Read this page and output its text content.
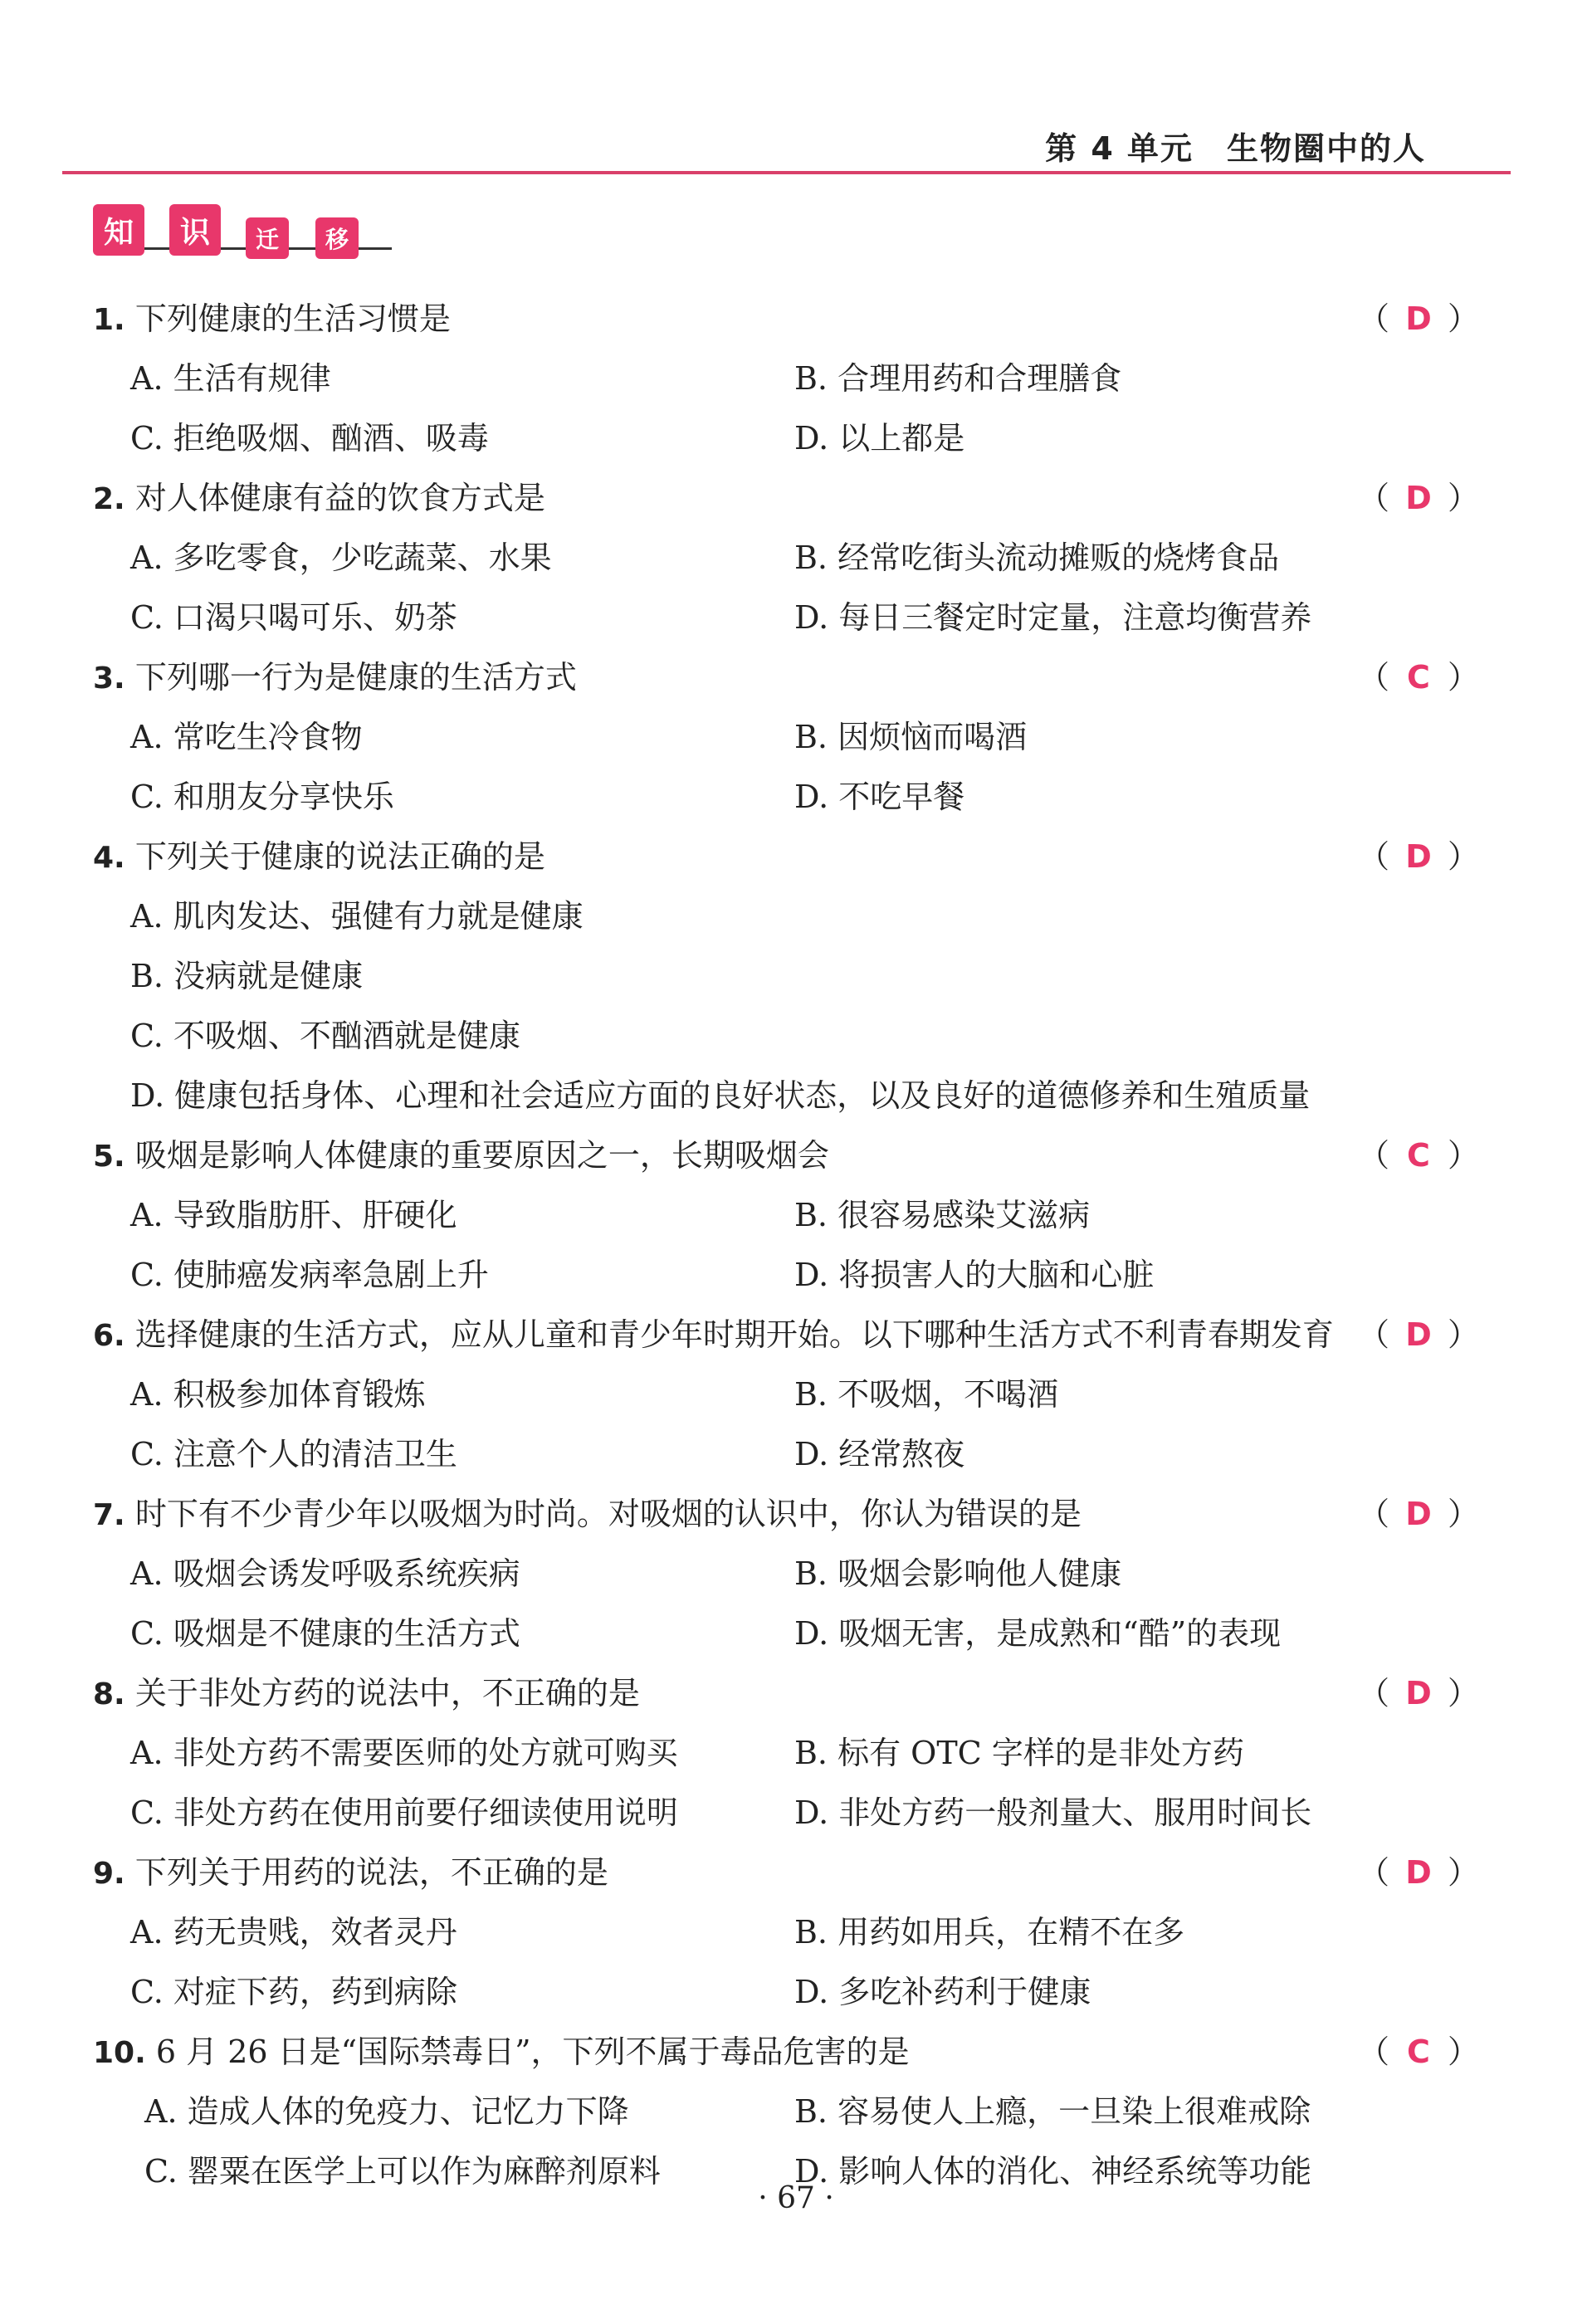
第 4 单元　生物圈中的人
知	识	迁	移
1. 下列健康的生活习惯是	（ D ）
A. 生活有规律	B. 合理用药和合理膳食
C. 拒绝吸烟、酗酒、吸毒	D. 以上都是
2. 对人体健康有益的饮食方式是	（ D ）
A. 多吃零食，少吃蔬菜、水果	B. 经常吃街头流动摊贩的烧烤食品
C. 口渴只喝可乐、奶茶	D. 每日三餐定时定量，注意均衡营养
3. 下列哪一行为是健康的生活方式	（ C ）
A. 常吃生冷食物	B. 因烦恼而喝酒
C. 和朋友分享快乐	D. 不吃早餐
4. 下列关于健康的说法正确的是	（ D ）
A. 肌肉发达、强健有力就是健康
B. 没病就是健康
C. 不吸烟、不酗酒就是健康
D. 健康包括身体、心理和社会适应方面的良好状态，以及良好的道德修养和生殖质量
5. 吸烟是影响人体健康的重要原因之一，长期吸烟会	（ C ）
A. 导致脂肪肝、肝硬化	B. 很容易感染艾滋病
C. 使肺癌发病率急剧上升	D. 将损害人的大脑和心脏
6. 选择健康的生活方式，应从儿童和青少年时期开始。以下哪种生活方式不利青春期发育 （ D ）
A. 积极参加体育锻炼	B. 不吸烟，不喝酒
C. 注意个人的清洁卫生	D. 经常熬夜
7. 时下有不少青少年以吸烟为时尚。对吸烟的认识中，你认为错误的是	（ D ）
A. 吸烟会诱发呼吸系统疾病	B. 吸烟会影响他人健康
C. 吸烟是不健康的生活方式	D. 吸烟无害，是成熟和“酷”的表现
8. 关于非处方药的说法中，不正确的是	（ D ）
A. 非处方药不需要医师的处方就可购买	B. 标有 OTC 字样的是非处方药
C. 非处方药在使用前要仔细读使用说明	D. 非处方药一般剂量大、服用时间长
9. 下列关于用药的说法，不正确的是	（ D ）
A. 药无贵贱，效者灵丹	B. 用药如用兵，在精不在多
C. 对症下药，药到病除	D. 多吃补药利于健康
10. 6 月 26 日是“国际禁毒日”，下列不属于毒品危害的是	（ C ）
A. 造成人体的免疫力、记忆力下降	B. 容易使人上瘾，一旦染上很难戒除
C. 罂粟在医学上可以作为麻醉剂原料	D. 影响人体的消化、神经系统等功能
· 67 ·
